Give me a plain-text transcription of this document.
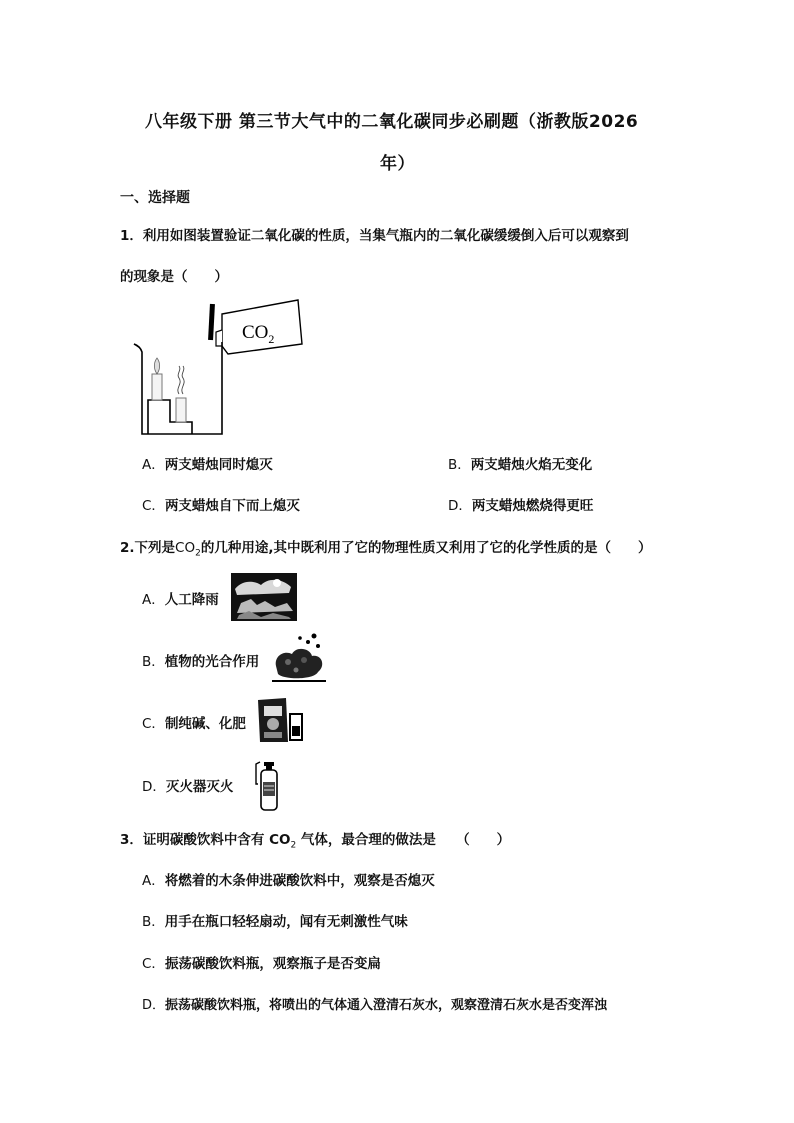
八年级下册 第三节大气中的二氧化碳同步必刷题（浙教版2026
年）
一、选择题
1．利用如图装置验证二氧化碳的性质，当集气瓶内的二氧化碳缓缓倒入后可以观察到
的现象是（　　）
$CO_2$
A．两支蜡烛同时熄灭	B．两支蜡烛火焰无变化
C．两支蜡烛自下而上熄灭	D．两支蜡烛燃烧得更旺
2.下列是$CO_2$的几种用途,其中既利用了它的物理性质又利用了它的化学性质的是（　　）
A．人工降雨
B．植物的光合作用
C．制纯碱、化肥
D．灭火器灭火
3．证明碳酸饮料中含有 $CO_2$ 气体，最合理的做法是　　（　　）
A．将燃着的木条伸进碳酸饮料中，观察是否熄灭
B．用手在瓶口轻轻扇动，闻有无刺激性气味
C．振荡碳酸饮料瓶，观察瓶子是否变扁
D．振荡碳酸饮料瓶，将喷出的气体通入澄清石灰水，观察澄清石灰水是否变浑浊
